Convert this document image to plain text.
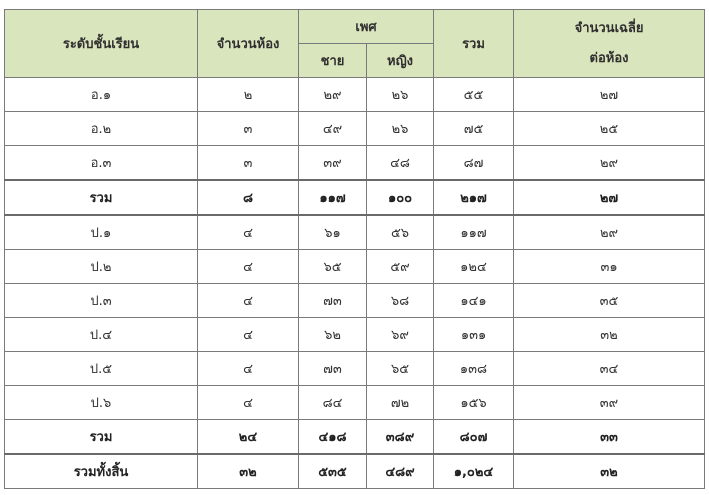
ระดับชั้นเรียน	จำนวนห้อง	เพศ		รวม	จำนวนเฉลี่ย
ต่อห้อง

		ชาย	หญิง		
อ.๑	๒	๒๙	๒๖	๕๕	๒๗
อ.๒	๓	๔๙	๒๖	๗๕	๒๕
อ.๓	๓	๓๙	๔๘	๘๗	๒๙
รวม	๘	๑๑๗	๑๐๐	๒๑๗	๒๗
ป.๑	๔	๖๑	๕๖	๑๑๗	๒๙
ป.๒	๔	๖๕	๕๙	๑๒๔	๓๑
ป.๓	๔	๗๓	๖๘	๑๔๑	๓๕
ป.๔	๔	๖๒	๖๙	๑๓๑	๓๒
ป.๕	๔	๗๓	๖๕	๑๓๘	๓๔
ป.๖	๔	๘๔	๗๒	๑๕๖	๓๙
รวม	๒๔	๔๑๘	๓๘๙	๘๐๗	๓๓
รวมทั้งสิ้น	๓๒	๕๓๕	๔๘๙	๑,๐๒๔	๓๒
